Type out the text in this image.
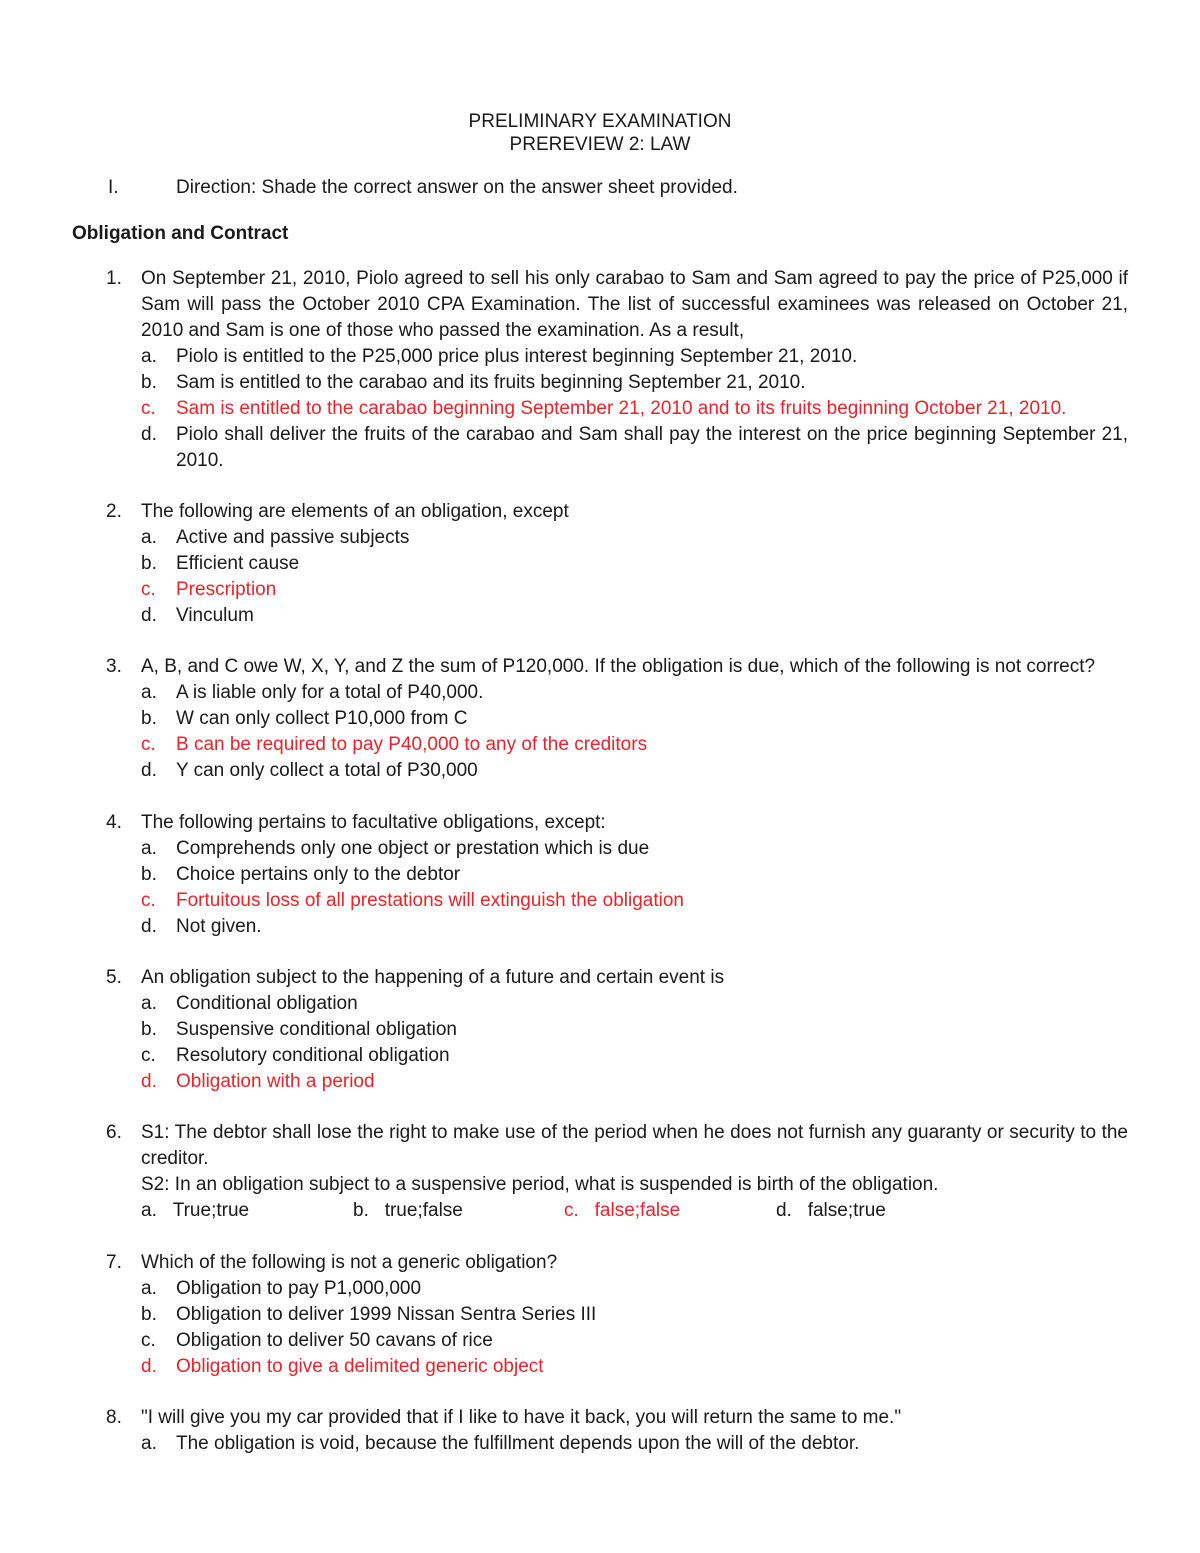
PRELIMINARY EXAMINATION
PREREVIEW 2: LAW
I.	Direction: Shade the correct answer on the answer sheet provided.
Obligation and Contract
1. On September 21, 2010, Piolo agreed to sell his only carabao to Sam and Sam agreed to pay the price of P25,000 if Sam will pass the October 2010 CPA Examination. The list of successful examinees was released on October 21, 2010 and Sam is one of those who passed the examination. As a result,
a. Piolo is entitled to the P25,000 price plus interest beginning September 21, 2010.
b. Sam is entitled to the carabao and its fruits beginning September 21, 2010.
c. Sam is entitled to the carabao beginning September 21, 2010 and to its fruits beginning October 21, 2010.
d. Piolo shall deliver the fruits of the carabao and Sam shall pay the interest on the price beginning September 21, 2010.
2. The following are elements of an obligation, except
a. Active and passive subjects
b. Efficient cause
c. Prescription
d. Vinculum
3. A, B, and C owe W, X, Y, and Z the sum of P120,000. If the obligation is due, which of the following is not correct?
a. A is liable only for a total of P40,000.
b. W can only collect P10,000 from C
c. B can be required to pay P40,000 to any of the creditors
d. Y can only collect a total of P30,000
4. The following pertains to facultative obligations, except:
a. Comprehends only one object or prestation which is due
b. Choice pertains only to the debtor
c. Fortuitous loss of all prestations will extinguish the obligation
d. Not given.
5. An obligation subject to the happening of a future and certain event is
a. Conditional obligation
b. Suspensive conditional obligation
c. Resolutory conditional obligation
d. Obligation with a period
6. S1: The debtor shall lose the right to make use of the period when he does not furnish any guaranty or security to the creditor.
S2: In an obligation subject to a suspensive period, what is suspended is birth of the obligation.
a. True;true	b. true;false	c. false;false	d. false;true
7. Which of the following is not a generic obligation?
a. Obligation to pay P1,000,000
b. Obligation to deliver 1999 Nissan Sentra Series III
c. Obligation to deliver 50 cavans of rice
d. Obligation to give a delimited generic object
8. "I will give you my car provided that if I like to have it back, you will return the same to me."
a. The obligation is void, because the fulfillment depends upon the will of the debtor.
